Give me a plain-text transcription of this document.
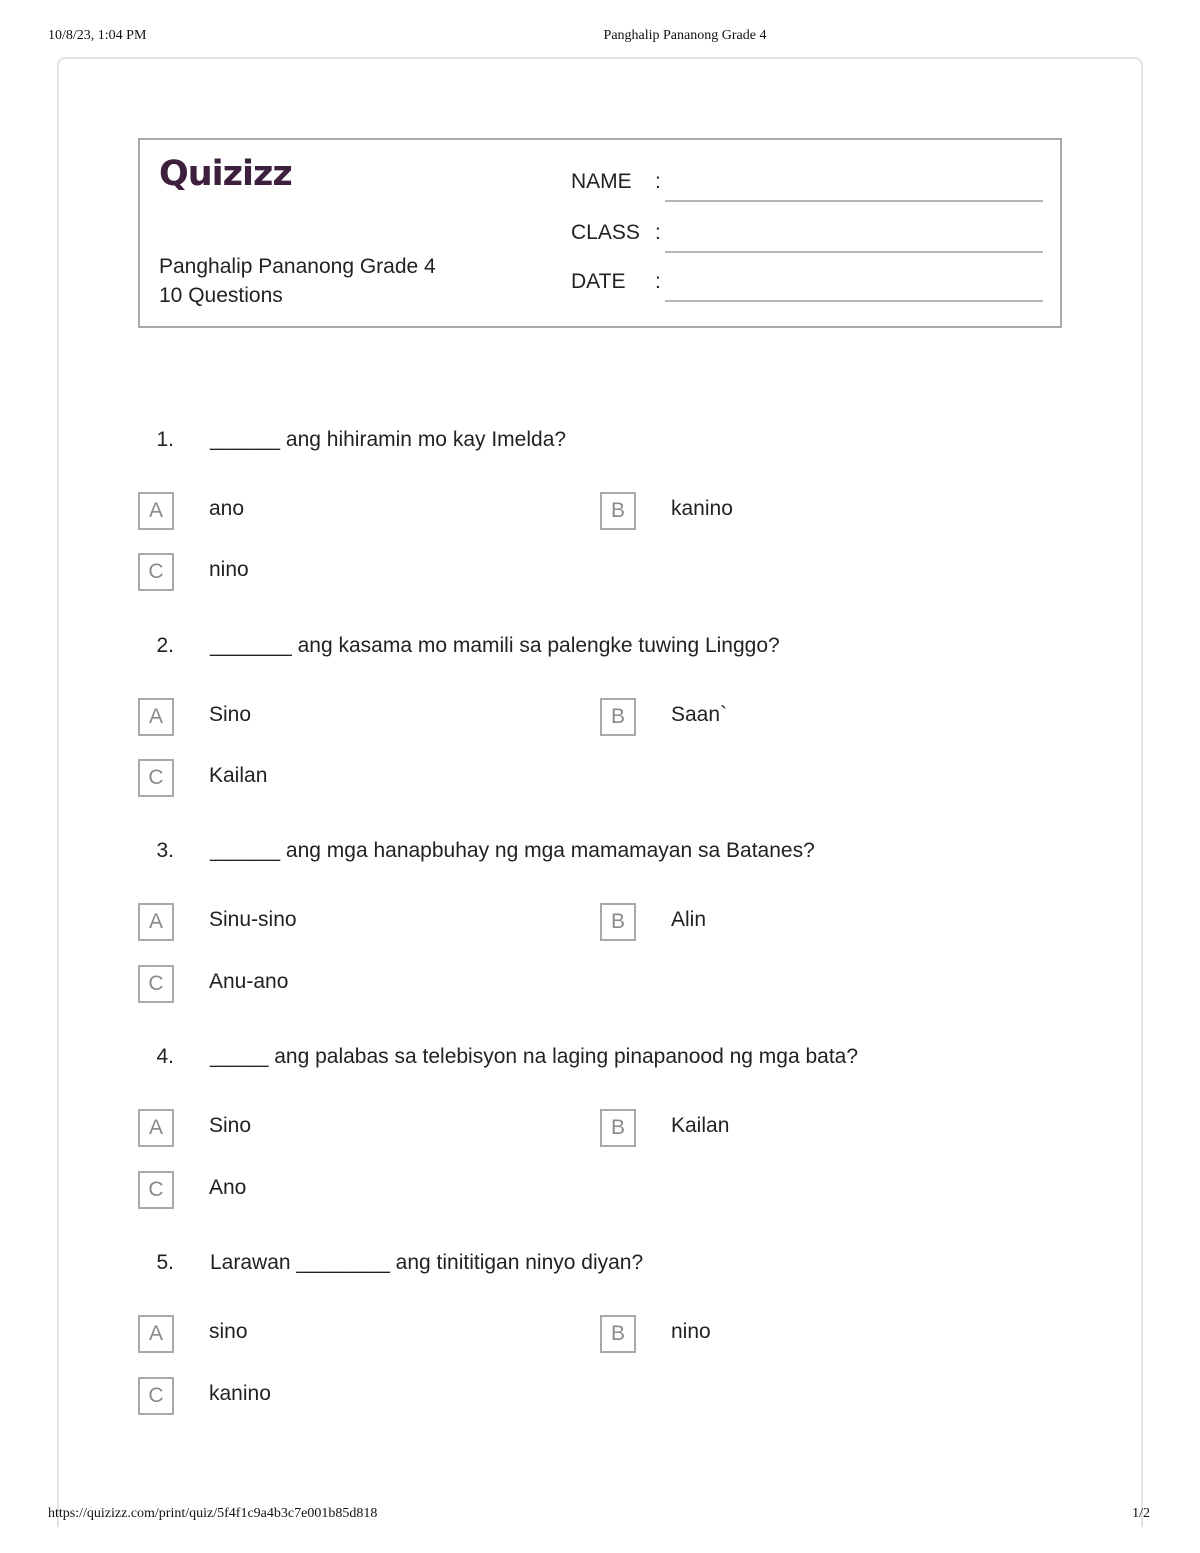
10/8/23, 1:04 PM	Panghalip Pananong Grade 4
Quizizz
Panghalip Pananong Grade 4
10 Questions
NAME :
CLASS :
DATE :
1. ______ ang hihiramin mo kay Imelda?
A	ano	B	kanino
C	nino
2. _______ ang kasama mo mamili sa palengke tuwing Linggo?
A	Sino	B	Saan`
C	Kailan
3. ______ ang mga hanapbuhay ng mga mamamayan sa Batanes?
A	Sinu-sino	B	Alin
C	Anu-ano
4. _____ ang palabas sa telebisyon na laging pinapanood ng mga bata?
A	Sino	B	Kailan
C	Ano
5. Larawan ________ ang tinititigan ninyo diyan?
A	sino	B	nino
C	kanino
https://quizizz.com/print/quiz/5f4f1c9a4b3c7e001b85d818	1/2
